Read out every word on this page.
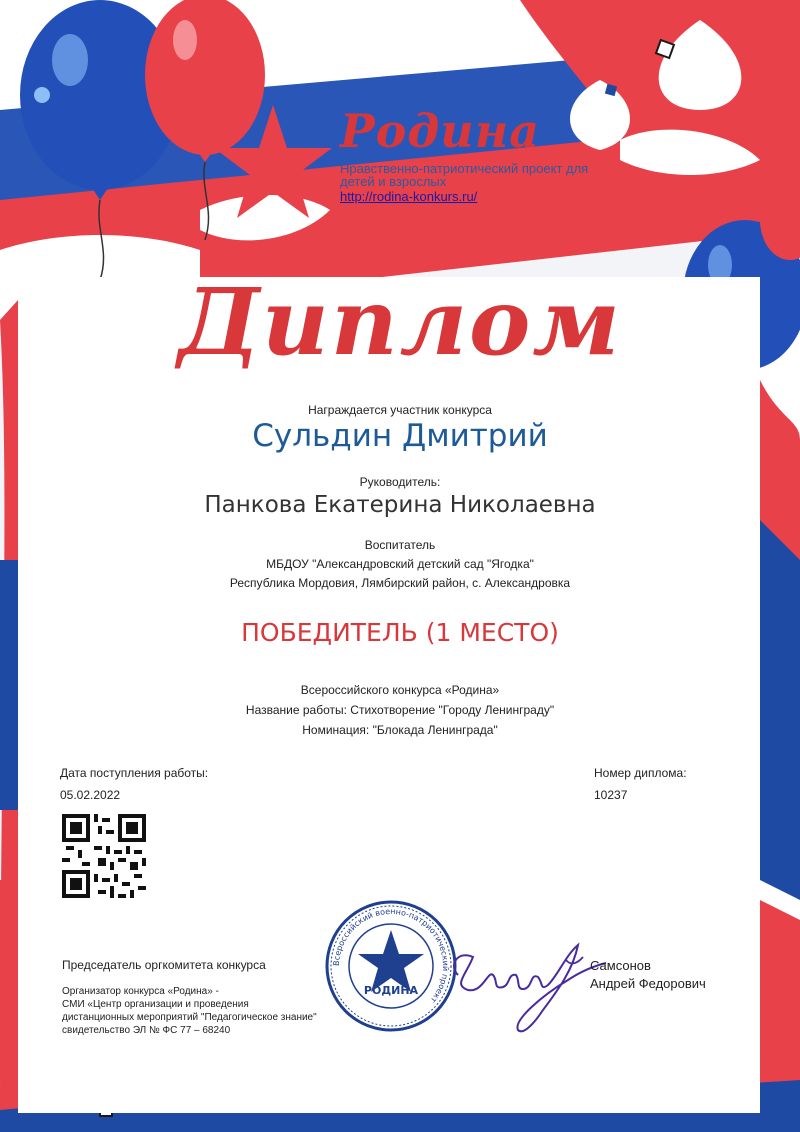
Родина
Нравственно-патриотический проект для детей и взрослых
http://rodina-konkurs.ru/
Диплом
Награждается участник конкурса
Сульдин Дмитрий
Руководитель:
Панкова Екатерина Николаевна
Воспитатель
МБДОУ "Александровский детский сад "Ягодка"
Республика Мордовия, Лямбирский район, с. Александровка
ПОБЕДИТЕЛЬ (1 МЕСТО)
Всероссийского конкурса «Родина»
Название работы: Стихотворение "Городу Ленинграду"
Номинация: "Блокада Ленинграда"
Дата поступления работы:
05.02.2022
Номер диплома:
10237
Председатель оргкомитета конкурса
Организатор конкурса «Родина» -
СМИ «Центр организации и проведения
дистанционных мероприятий "Педагогическое знание"
свидетельство ЭЛ № ФС 77 – 68240
Всероссийский военно-патриотический проект
РОДИНА
Самсонов
Андрей Федорович
